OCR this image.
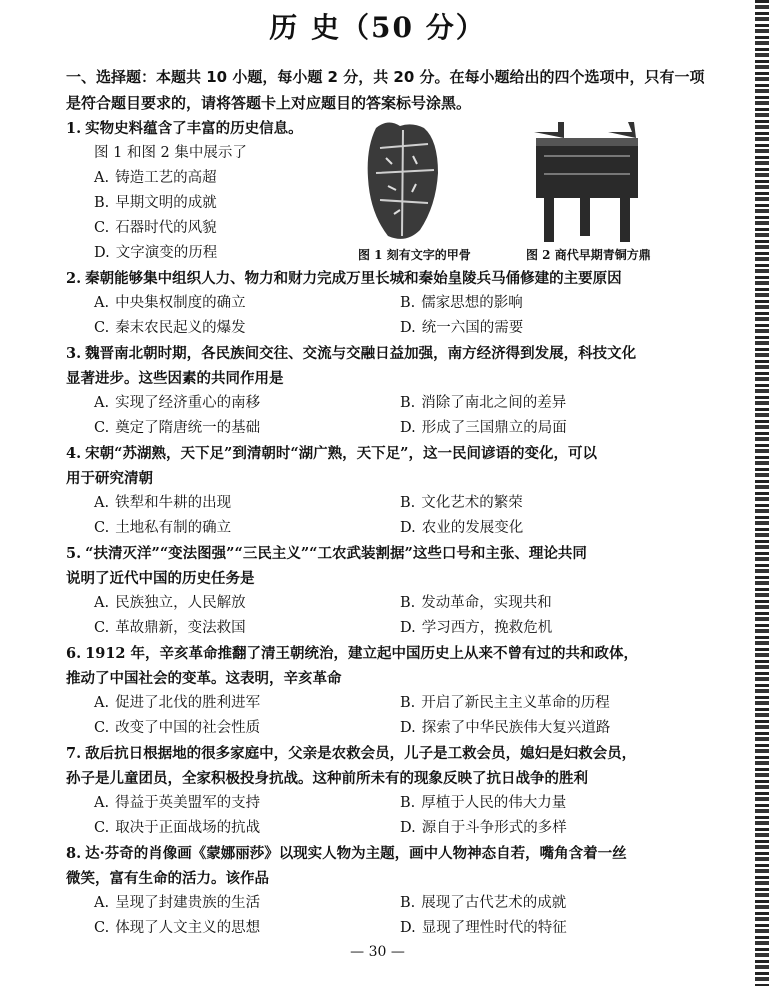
历 史（50 分）
一、选择题：本题共 10 小题，每小题 2 分，共 20 分。在每小题给出的四个选项中，只有一项是符合题目要求的，请将答题卡上对应题目的答案标号涂黑。
1. 实物史料蕴含了丰富的历史信息。
图 1 和图 2 集中展示了
A. 铸造工艺的高超
B. 早期文明的成就
C. 石器时代的风貌
D. 文字演变的历程	图 1 刻有文字的甲骨	图 2 商代早期青铜方鼎
2. 秦朝能够集中组织人力、物力和财力完成万里长城和秦始皇陵兵马俑修建的主要原因
A. 中央集权制度的确立	B. 儒家思想的影响
C. 秦末农民起义的爆发	D. 统一六国的需要
3. 魏晋南北朝时期，各民族间交往、交流与交融日益加强，南方经济得到发展，科技文化
显著进步。这些因素的共同作用是
A. 实现了经济重心的南移	B. 消除了南北之间的差异
C. 奠定了隋唐统一的基础	D. 形成了三国鼎立的局面
4. 宋朝“苏湖熟，天下足”到清朝时“湖广熟，天下足”，这一民间谚语的变化，可以
用于研究清朝
A. 铁犁和牛耕的出现	B. 文化艺术的繁荣
C. 土地私有制的确立	D. 农业的发展变化
5. “扶清灭洋”“变法图强”“三民主义”“工农武装割据”这些口号和主张、理论共同
说明了近代中国的历史任务是
A. 民族独立，人民解放	B. 发动革命，实现共和
C. 革故鼎新，变法救国	D. 学习西方，挽救危机
6. 1912 年，辛亥革命推翻了清王朝统治，建立起中国历史上从来不曾有过的共和政体，
推动了中国社会的变革。这表明，辛亥革命
A. 促进了北伐的胜利进军	B. 开启了新民主主义革命的历程
C. 改变了中国的社会性质	D. 探索了中华民族伟大复兴道路
7. 敌后抗日根据地的很多家庭中，父亲是农救会员，儿子是工救会员，媳妇是妇救会员，
孙子是儿童团员，全家积极投身抗战。这种前所未有的现象反映了抗日战争的胜利
A. 得益于英美盟军的支持	B. 厚植于人民的伟大力量
C. 取决于正面战场的抗战	D. 源自于斗争形式的多样
8. 达·芬奇的肖像画《蒙娜丽莎》以现实人物为主题，画中人物神态自若，嘴角含着一丝
微笑，富有生命的活力。该作品
A. 呈现了封建贵族的生活	B. 展现了古代艺术的成就
C. 体现了人文主义的思想	D. 显现了理性时代的特征
— 30 —
